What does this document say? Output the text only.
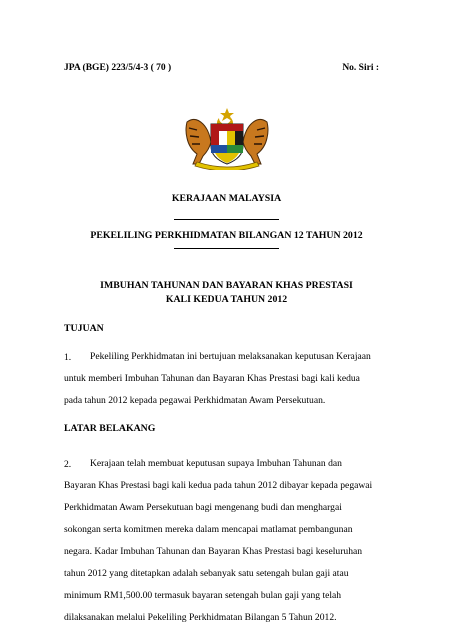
JPA (BGE) 223/5/4-3 ( 70 )	No. Siri :
KERAJAAN MALAYSIA
PEKELILING PERKHIDMATAN BILANGAN 12 TAHUN 2012
IMBUHAN TAHUNAN DAN BAYARAN KHAS PRESTASI
KALI KEDUA TAHUN 2012
TUJUAN
1.	Pekeliling Perkhidmatan ini bertujuan melaksanakan keputusan Kerajaan

untuk memberi Imbuhan Tahunan dan Bayaran Khas Prestasi bagi kali kedua

pada tahun 2012 kepada pegawai Perkhidmatan Awam Persekutuan.

LATAR BELAKANG
2.	Kerajaan telah membuat keputusan supaya Imbuhan Tahunan dan

Bayaran Khas Prestasi bagi kali kedua pada tahun 2012 dibayar kepada pegawai

Perkhidmatan Awam Persekutuan bagi mengenang budi dan menghargai

sokongan serta komitmen mereka dalam mencapai matlamat pembangunan

negara. Kadar Imbuhan Tahunan dan Bayaran Khas Prestasi bagi keseluruhan

tahun 2012 yang ditetapkan adalah sebanyak satu setengah bulan gaji atau

minimum RM1,500.00 termasuk bayaran setengah bulan gaji yang telah

dilaksanakan melalui Pekeliling Perkhidmatan Bilangan 5 Tahun 2012.
